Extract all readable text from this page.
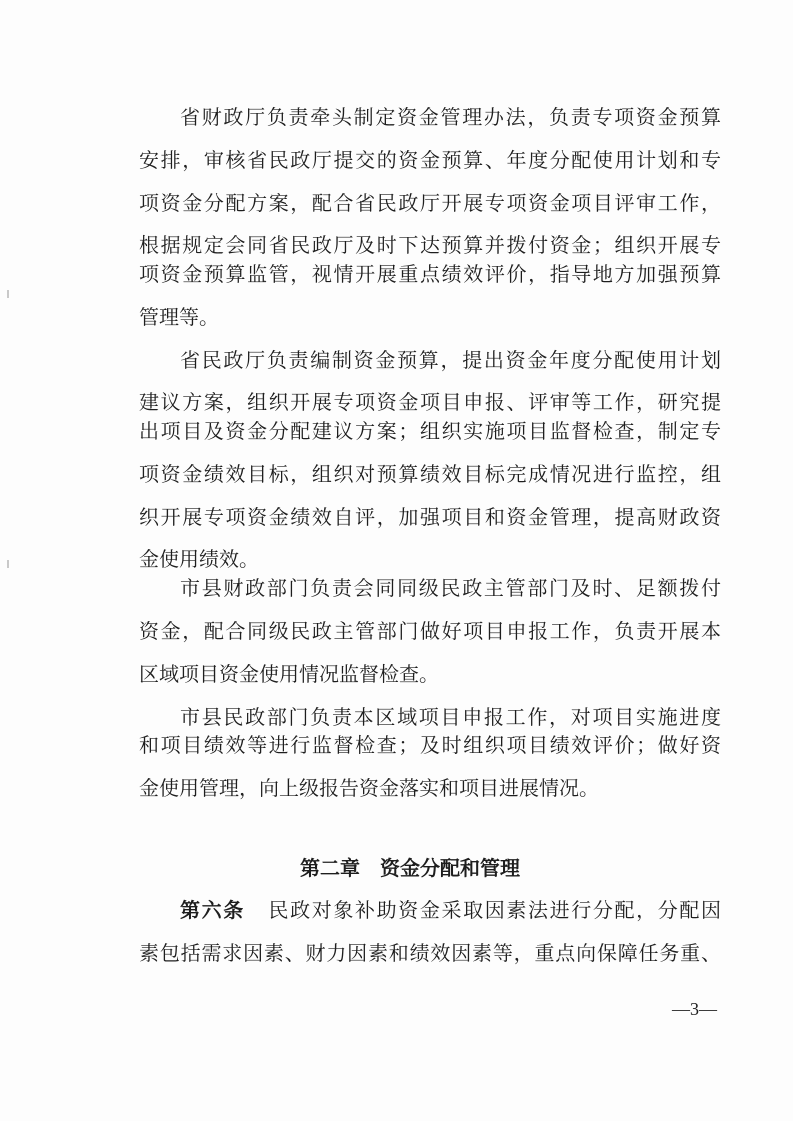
省财政厅负责牵头制定资金管理办法，负责专项资金预算
安排，审核省民政厅提交的资金预算、年度分配使用计划和专
项资金分配方案，配合省民政厅开展专项资金项目评审工作，
根据规定会同省民政厅及时下达预算并拨付资金；组织开展专
项资金预算监管，视情开展重点绩效评价，指导地方加强预算
管理等。
省民政厅负责编制资金预算，提出资金年度分配使用计划
建议方案，组织开展专项资金项目申报、评审等工作，研究提
出项目及资金分配建议方案；组织实施项目监督检查，制定专
项资金绩效目标，组织对预算绩效目标完成情况进行监控，组
织开展专项资金绩效自评，加强项目和资金管理，提高财政资
金使用绩效。
市县财政部门负责会同同级民政主管部门及时、足额拨付
资金，配合同级民政主管部门做好项目申报工作，负责开展本
区域项目资金使用情况监督检查。
市县民政部门负责本区域项目申报工作，对项目实施进度
和项目绩效等进行监督检查；及时组织项目绩效评价；做好资
金使用管理，向上级报告资金落实和项目进展情况。
第二章　资金分配和管理
第六条 民政对象补助资金采取因素法进行分配，分配因
素包括需求因素、财力因素和绩效因素等，重点向保障任务重、
—3—
